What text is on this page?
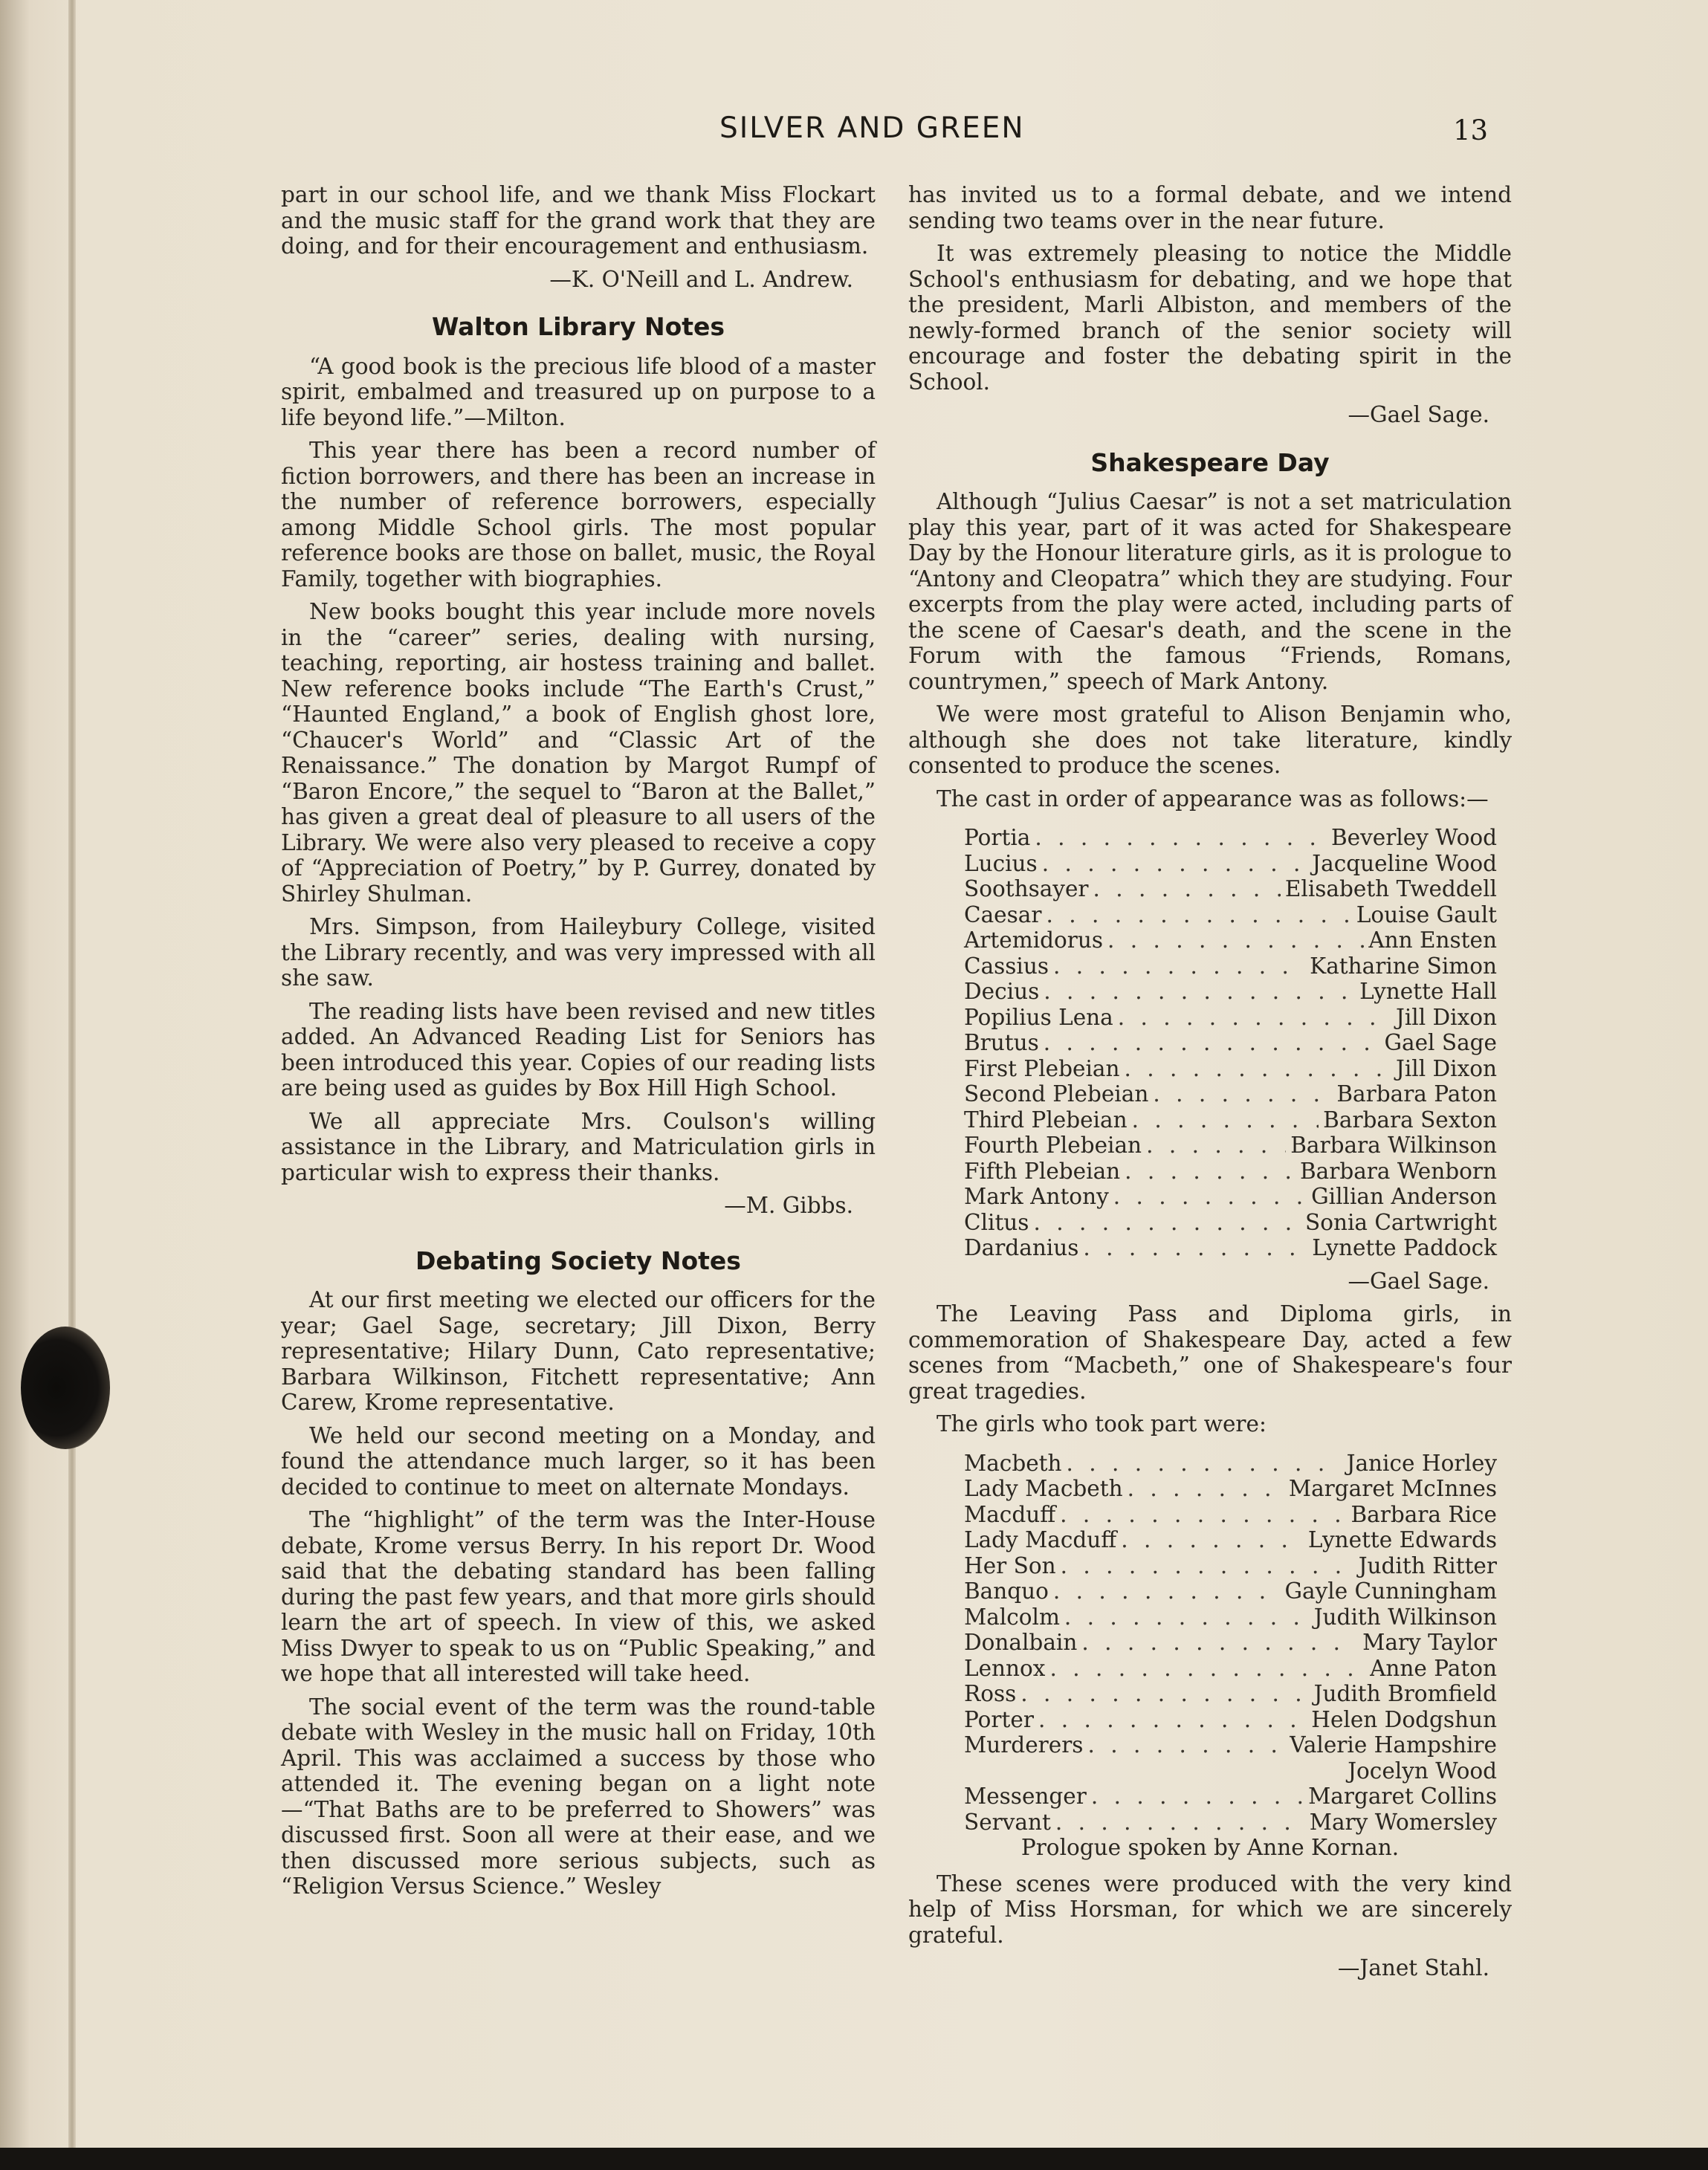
SILVER AND GREEN	13

part in our school life, and we thank Miss Flockart and the music staff for the grand work that they are doing, and for their encouragement and enthusiasm.

—K. O'Neill and L. Andrew.
Walton Library Notes

“A good book is the precious life blood of a master spirit, embalmed and treasured up on purpose to a life beyond life.”—Milton.

This year there has been a record number of fiction borrowers, and there has been an increase in the number of reference borrowers, especially among Middle School girls. The most popular reference books are those on ballet, music, the Royal Family, together with biographies.

New books bought this year include more novels in the “career” series, dealing with nursing, teaching, reporting, air hostess training and ballet. New reference books include “The Earth's Crust,” “Haunted England,” a book of English ghost lore, “Chaucer's World” and “Classic Art of the Renaissance.” The donation by Margot Rumpf of “Baron Encore,” the sequel to “Baron at the Ballet,” has given a great deal of pleasure to all users of the Library. We were also very pleased to receive a copy of “Appreciation of Poetry,” by P. Gurrey, donated by Shirley Shulman.

Mrs. Simpson, from Haileybury College, visited the Library recently, and was very impressed with all she saw.

The reading lists have been revised and new titles added. An Advanced Reading List for Seniors has been introduced this year. Copies of our reading lists are being used as guides by Box Hill High School.

We all appreciate Mrs. Coulson's willing assistance in the Library, and Matriculation girls in particular wish to express their thanks.

—M. Gibbs.
Debating Society Notes

At our first meeting we elected our officers for the year; Gael Sage, secretary; Jill Dixon, Berry representative; Hilary Dunn, Cato representative; Barbara Wilkinson, Fitchett representative; Ann Carew, Krome representative.

We held our second meeting on a Monday, and found the attendance much larger, so it has been decided to continue to meet on alternate Mondays.

The “highlight” of the term was the Inter-House debate, Krome versus Berry. In his report Dr. Wood said that the debating standard has been falling during the past few years, and that more girls should learn the art of speech. In view of this, we asked Miss Dwyer to speak to us on “Public Speaking,” and we hope that all interested will take heed.

The social event of the term was the round-table debate with Wesley in the music hall on Friday, 10th April. This was acclaimed a success by those who attended it. The evening began on a light note—“That Baths are to be preferred to Showers” was discussed first. Soon all were at their ease, and we then discussed more serious subjects, such as “Religion Versus Science.” Wesley

has invited us to a formal debate, and we intend sending two teams over in the near future.

It was extremely pleasing to notice the Middle School's enthusiasm for debating, and we hope that the president, Marli Albiston, and members of the newly-formed branch of the senior society will encourage and foster the debating spirit in the School.

—Gael Sage.
Shakespeare Day

Although “Julius Caesar” is not a set matriculation play this year, part of it was acted for Shakespeare Day by the Honour literature girls, as it is prologue to “Antony and Cleopatra” which they are studying. Four excerpts from the play were acted, including parts of the scene of Caesar's death, and the scene in the Forum with the famous “Friends, Romans, countrymen,” speech of Mark Antony.

We were most grateful to Alison Benjamin who, although she does not take literature, kindly consented to produce the scenes.

The cast in order of appearance was as follows:—

Portia . . .	Beverley Wood
Lucius . . .	Jacqueline Wood
Soothsayer . . .	Elisabeth Tweddell
Caesar . . .	Louise Gault
Artemidorus . . .	Ann Ensten
Cassius . . .	Katharine Simon
Decius . . .	Lynette Hall
Popilius Lena . . .	Jill Dixon
Brutus . . .	Gael Sage
First Plebeian . . .	Jill Dixon
Second Plebeian . . .	Barbara Paton
Third Plebeian . . .	Barbara Sexton
Fourth Plebeian . . .	Barbara Wilkinson
Fifth Plebeian . . .	Barbara Wenborn
Mark Antony . . .	Gillian Anderson
Clitus . . .	Sonia Cartwright
Dardanius . . .	Lynette Paddock
—Gael Sage.

The Leaving Pass and Diploma girls, in commemoration of Shakespeare Day, acted a few scenes from “Macbeth,” one of Shakespeare's four great tragedies.

The girls who took part were:

Macbeth . . .	Janice Horley
Lady Macbeth . . .	Margaret McInnes
Macduff . . .	Barbara Rice
Lady Macduff . . .	Lynette Edwards
Her Son . . .	Judith Ritter
Banquo . . .	Gayle Cunningham
Malcolm . . .	Judith Wilkinson
Donalbain . . .	Mary Taylor
Lennox . . .	Anne Paton
Ross . . .	Judith Bromfield
Porter . . .	Helen Dodgshun
Murderers . . .	Valerie Hampshire
Jocelyn Wood
Messenger . . .	Margaret Collins
Servant . . .	Mary Womersley
Prologue spoken by Anne Kornan.

These scenes were produced with the very kind help of Miss Horsman, for which we are sincerely grateful.

—Janet Stahl.
